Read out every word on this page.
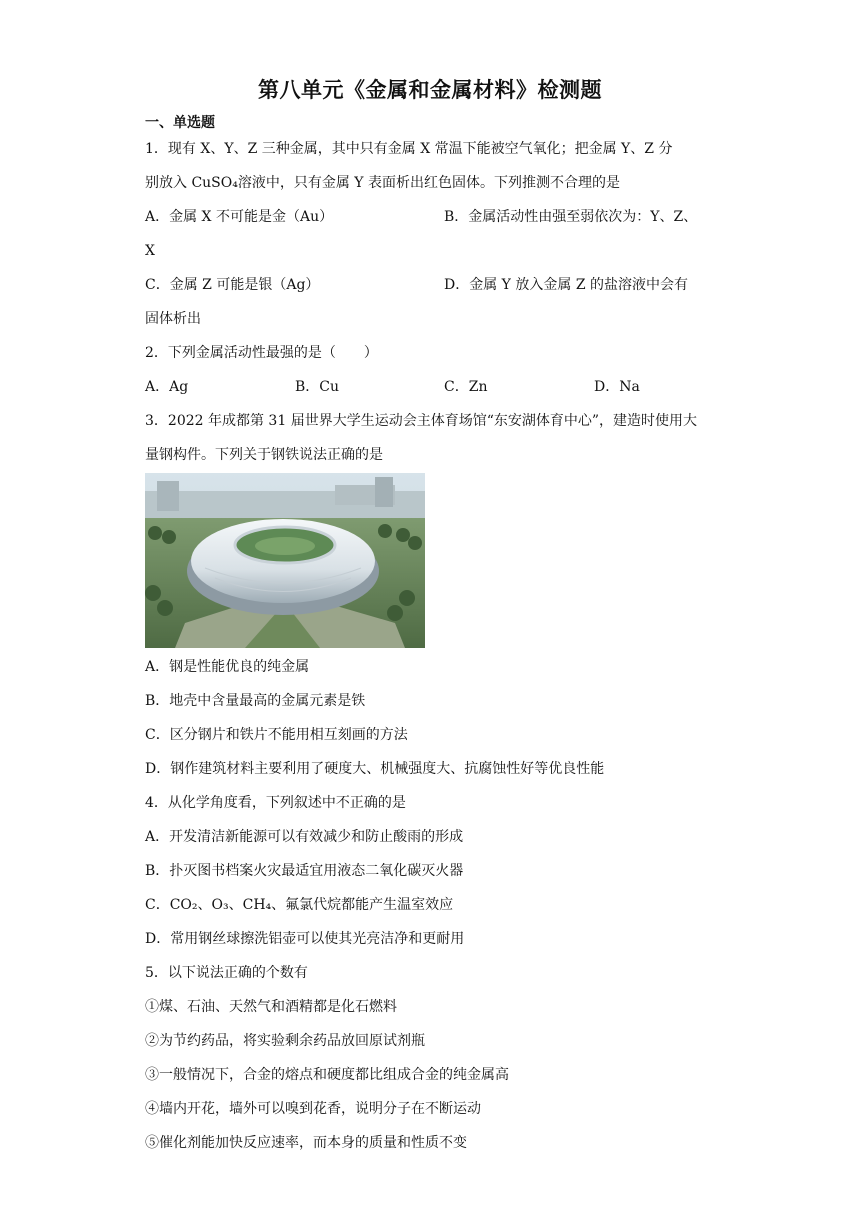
第八单元《金属和金属材料》检测题
一、单选题
1．现有 X、Y、Z 三种金属，其中只有金属 X 常温下能被空气氧化；把金属 Y、Z 分
别放入 CuSO₄溶液中，只有金属 Y 表面析出红色固体。下列推测不合理的是
A．金属 X 不可能是金（Au）	B．金属活动性由强至弱依次为：Y、Z、
X
C．金属 Z 可能是银（Ag）	D．金属 Y 放入金属 Z 的盐溶液中会有
固体析出
2．下列金属活动性最强的是（　　）
A．Ag	B．Cu	C．Zn	D．Na
3．2022 年成都第 31 届世界大学生运动会主体育场馆“东安湖体育中心”，建造时使用大
量钢构件。下列关于钢铁说法正确的是
A．钢是性能优良的纯金属
B．地壳中含量最高的金属元素是铁
C．区分钢片和铁片不能用相互刻画的方法
D．钢作建筑材料主要利用了硬度大、机械强度大、抗腐蚀性好等优良性能
4．从化学角度看，下列叙述中不正确的是
A．开发清洁新能源可以有效减少和防止酸雨的形成
B．扑灭图书档案火灾最适宜用液态二氧化碳灭火器
C．CO₂、O₃、CH₄、氟氯代烷都能产生温室效应
D．常用钢丝球擦洗铝壶可以使其光亮洁净和更耐用
5．以下说法正确的个数有
①煤、石油、天然气和酒精都是化石燃料
②为节约药品，将实验剩余药品放回原试剂瓶
③一般情况下，合金的熔点和硬度都比组成合金的纯金属高
④墙内开花，墙外可以嗅到花香，说明分子在不断运动
⑤催化剂能加快反应速率，而本身的质量和性质不变
